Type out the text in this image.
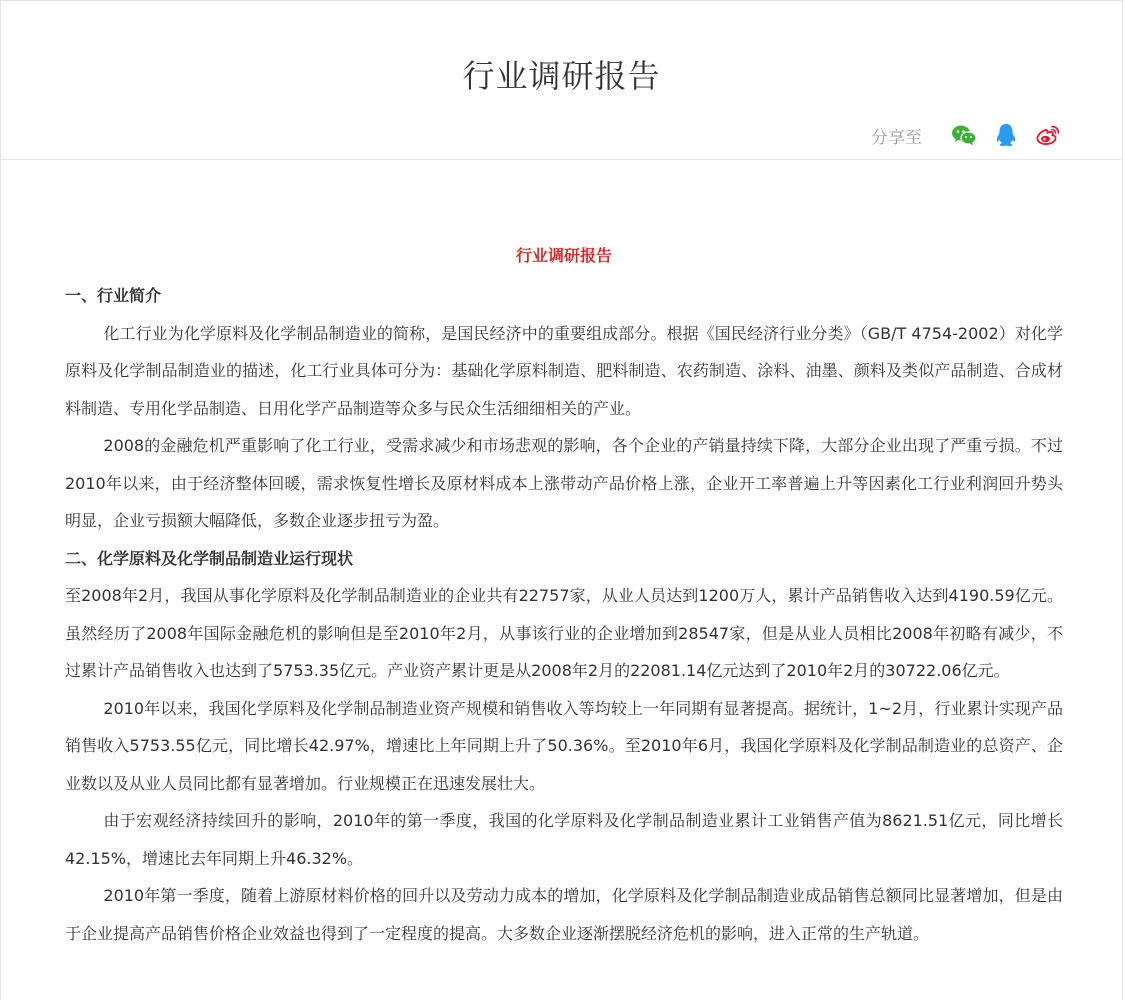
行业调研报告
分享至
行业调研报告

一、行业简介

化工行业为化学原料及化学制品制造业的简称，是国民经济中的重要组成部分。根据《国民经济行业分类》（GB/T 4754-2002）对化学原料及化学制品制造业的描述，化工行业具体可分为：基础化学原料制造、肥料制造、农药制造、涂料、油墨、颜料及类似产品制造、合成材料制造、专用化学品制造、日用化学产品制造等众多与民众生活细细相关的产业。

2008的金融危机严重影响了化工行业，受需求减少和市场悲观的影响，各个企业的产销量持续下降，大部分企业出现了严重亏损。不过2010年以来，由于经济整体回暖，需求恢复性增长及原材料成本上涨带动产品价格上涨，企业开工率普遍上升等因素化工行业利润回升势头明显，企业亏损额大幅降低，多数企业逐步扭亏为盈。

二、化学原料及化学制品制造业运行现状

至2008年2月，我国从事化学原料及化学制品制造业的企业共有22757家，从业人员达到1200万人，累计产品销售收入达到4190.59亿元。虽然经历了2008年国际金融危机的影响但是至2010年2月，从事该行业的企业增加到28547家，但是从业人员相比2008年初略有减少，不过累计产品销售收入也达到了5753.35亿元。产业资产累计更是从2008年2月的22081.14亿元达到了2010年2月的30722.06亿元。

2010年以来，我国化学原料及化学制品制造业资产规模和销售收入等均较上一年同期有显著提高。据统计，1~2月，行业累计实现产品销售收入5753.55亿元，同比增长42.97%，增速比上年同期上升了50.36%。至2010年6月，我国化学原料及化学制品制造业的总资产、企业数以及从业人员同比都有显著增加。行业规模正在迅速发展壮大。

由于宏观经济持续回升的影响，2010年的第一季度，我国的化学原料及化学制品制造业累计工业销售产值为8621.51亿元，同比增长42.15%，增速比去年同期上升46.32%。

2010年第一季度，随着上游原材料价格的回升以及劳动力成本的增加，化学原料及化学制品制造业成品销售总额同比显著增加，但是由于企业提高产品销售价格企业效益也得到了一定程度的提高。大多数企业逐渐摆脱经济危机的影响，进入正常的生产轨道。
